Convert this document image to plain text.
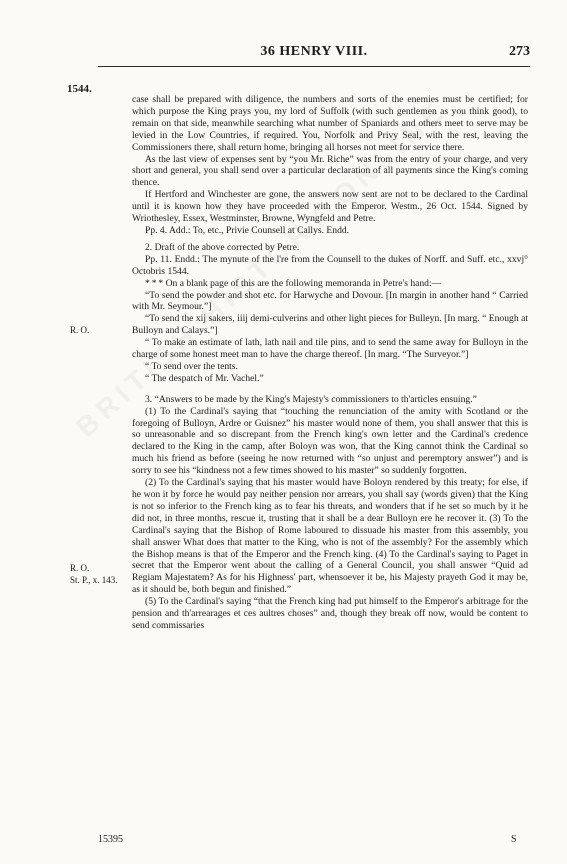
36 HENRY VIII.	273
1544.
R. O.
R. O.
St. P., x. 143.

case shall be prepared with diligence, the numbers and sorts of the enemies must be certified; for which purpose the King prays you, my lord of Suffolk (with such gentlemen as you think good), to remain on that side, meanwhile searching what number of Spaniards and others meet to serve may be levied in the Low Countries, if required. You, Norfolk and Privy Seal, with the rest, leaving the Commissioners there, shall return home, bringing all horses not meet for service there.

As the last view of expenses sent by “you Mr. Riche” was from the entry of your charge, and very short and general, you shall send over a particular declaration of all payments since the King's coming thence.

If Hertford and Winchester are gone, the answers now sent are not to be declared to the Cardinal until it is known how they have proceeded with the Emperor. Westm., 26 Oct. 1544. Signed by Wriothesley, Essex, Westminster, Browne, Wyngfeld and Petre.

Pp. 4. Add.: To, etc., Privie Counsell at Callys. Endd.

2. Draft of the above corrected by Petre.

Pp. 11. Endd.: The mynute of the l're from the Counsell to the dukes of Norff. and Suff. etc., xxvj° Octobris 1544.

* * * On a blank page of this are the following memoranda in Petre's hand:—

“To send the powder and shot etc. for Harwyche and Dovour. [In margin in another hand “ Carried with Mr. Seymour.”]

“To send the xij sakers, iiij demi-culverins and other light pieces for Bulleyn. [In marg. “ Enough at Bulloyn and Calays.”]

“ To make an estimate of lath, lath nail and tile pins, and to send the same away for Bulloyn in the charge of some honest meet man to have the charge thereof. [In marg. “The Surveyor.”]

“ To send over the tents.

“ The despatch of Mr. Vachel.”

3. “Answers to be made by the King's Majesty's commissioners to th'articles ensuing.”

(1) To the Cardinal's saying that “touching the renunciation of the amity with Scotland or the foregoing of Bulloyn, Ardre or Guisnez” his master would none of them, you shall answer that this is so unreasonable and so discrepant from the French king's own letter and the Cardinal's credence declared to the King in the camp, after Boloyn was won, that the King cannot think the Cardinal so much his friend as before (seeing he now returned with “so unjust and peremptory answer”) and is sorry to see his “kindness not a few times showed to his master” so suddenly forgotten.

(2) To the Cardinal's saying that his master would have Boloyn rendered by this treaty; for else, if he won it by force he would pay neither pension nor arrears, you shall say (words given) that the King is not so inferior to the French king as to fear his threats, and wonders that if he set so much by it he did not, in three months, rescue it, trusting that it shall be a dear Bulloyn ere he recover it. (3) To the Cardinal's saying that the Bishop of Rome laboured to dissuade his master from this assembly, you shall answer What does that matter to the King, who is not of the assembly? For the assembly which the Bishop means is that of the Emperor and the French king. (4) To the Cardinal's saying to Paget in secret that the Emperor went about the calling of a General Council, you shall answer “Quid ad Regiam Majestatem? As for his Highness' part, whensoever it be, his Majesty prayeth God it may be, as it should be, both begun and finished.”

(5) To the Cardinal's saying “that the French king had put himself to the Emperor's arbitrage for the pension and th'arrearages et ces aultres choses” and, though they break off now, would be content to send commissaries

15395	S
